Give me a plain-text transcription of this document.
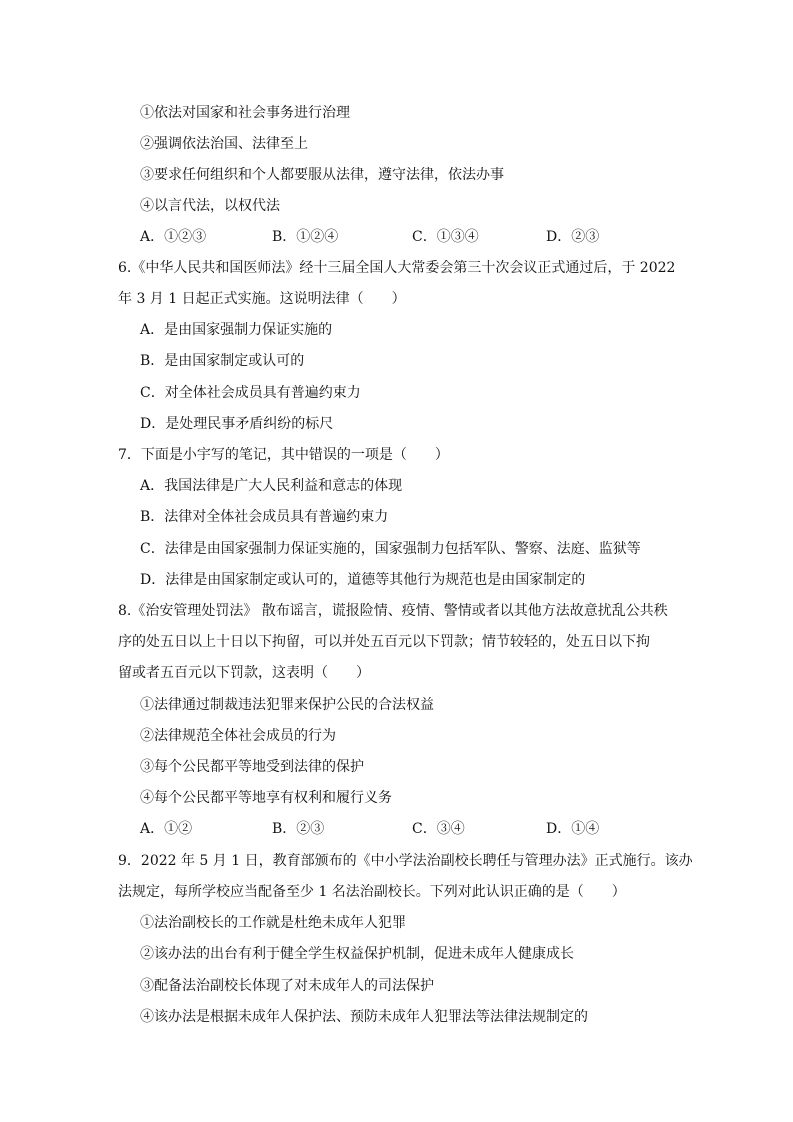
①依法对国家和社会事务进行治理
②强调依法治国、法律至上
③要求任何组织和个人都要服从法律，遵守法律，依法办事
④以言代法，以权代法
A．①②③	B．①②④	C．①③④	D．②③
6.《中华人民共和国医师法》经十三届全国人大常委会第三十次会议正式通过后，于 2022
年 3 月 1 日起正式实施。这说明法律（　　）
A．是由国家强制力保证实施的
B．是由国家制定或认可的
C．对全体社会成员具有普遍约束力
D．是处理民事矛盾纠纷的标尺
7．下面是小宇写的笔记，其中错误的一项是（　　）
A．我国法律是广大人民利益和意志的体现
B．法律对全体社会成员具有普遍约束力
C．法律是由国家强制力保证实施的，国家强制力包括军队、警察、法庭、监狱等
D．法律是由国家制定或认可的，道德等其他行为规范也是由国家制定的
8.《治安管理处罚法》 散布谣言，谎报险情、疫情、警情或者以其他方法故意扰乱公共秩
序的处五日以上十日以下拘留，可以并处五百元以下罚款；情节较轻的，处五日以下拘
留或者五百元以下罚款，这表明（　　）
①法律通过制裁违法犯罪来保护公民的合法权益
②法律规范全体社会成员的行为
③每个公民都平等地受到法律的保护
④每个公民都平等地享有权利和履行义务
A．①②	B．②③	C．③④	D．①④
9．2022 年 5 月 1 日，教育部颁布的《中小学法治副校长聘任与管理办法》正式施行。该办
法规定，每所学校应当配备至少 1 名法治副校长。下列对此认识正确的是（　　）
①法治副校长的工作就是杜绝未成年人犯罪
②该办法的出台有利于健全学生权益保护机制，促进未成年人健康成长
③配备法治副校长体现了对未成年人的司法保护
④该办法是根据未成年人保护法、预防未成年人犯罪法等法律法规制定的
